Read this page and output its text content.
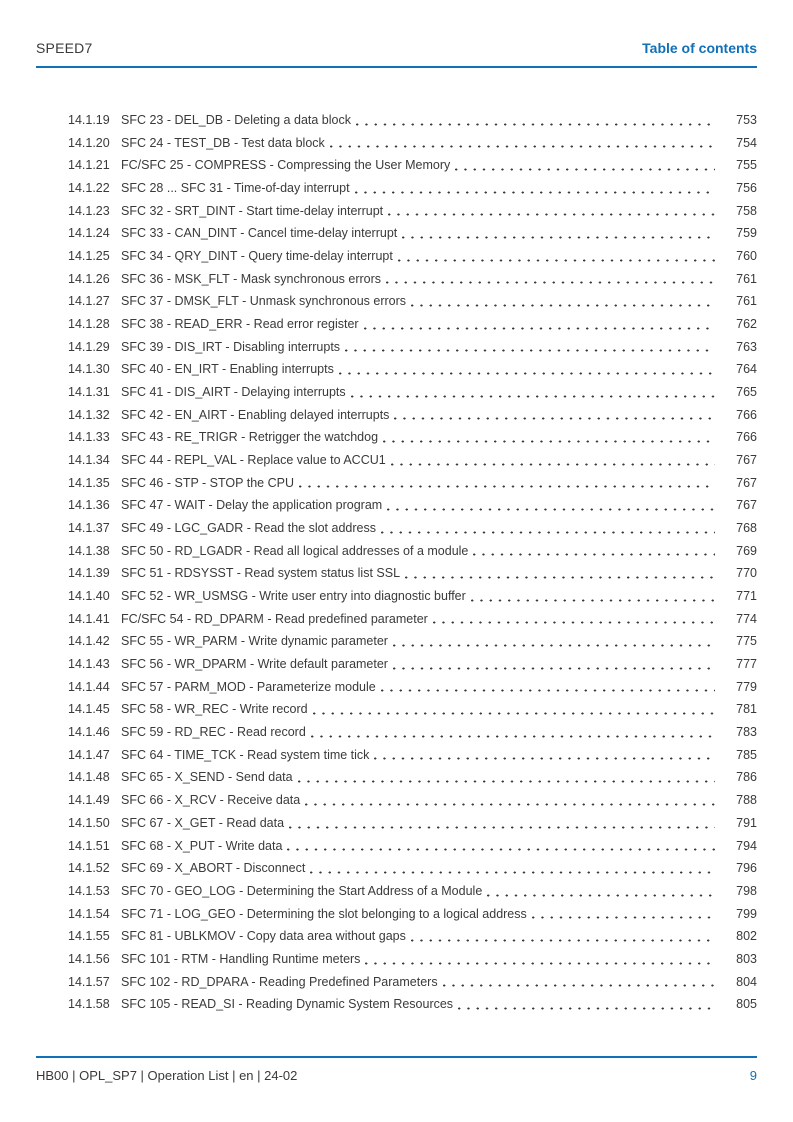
SPEED7	Table of contents
14.1.19 SFC 23 - DEL_DB - Deleting a data block	753
14.1.20 SFC 24 - TEST_DB - Test data block	754
14.1.21 FC/SFC 25 - COMPRESS - Compressing the User Memory	755
14.1.22 SFC 28 ... SFC 31 - Time-of-day interrupt	756
14.1.23 SFC 32 - SRT_DINT - Start time-delay interrupt	758
14.1.24 SFC 33 - CAN_DINT - Cancel time-delay interrupt	759
14.1.25 SFC 34 - QRY_DINT - Query time-delay interrupt	760
14.1.26 SFC 36 - MSK_FLT - Mask synchronous errors	761
14.1.27 SFC 37 - DMSK_FLT - Unmask synchronous errors	761
14.1.28 SFC 38 - READ_ERR - Read error register	762
14.1.29 SFC 39 - DIS_IRT - Disabling interrupts	763
14.1.30 SFC 40 - EN_IRT - Enabling interrupts	764
14.1.31 SFC 41 - DIS_AIRT - Delaying interrupts	765
14.1.32 SFC 42 - EN_AIRT - Enabling delayed interrupts	766
14.1.33 SFC 43 - RE_TRIGR - Retrigger the watchdog	766
14.1.34 SFC 44 - REPL_VAL - Replace value to ACCU1	767
14.1.35 SFC 46 - STP - STOP the CPU	767
14.1.36 SFC 47 - WAIT - Delay the application program	767
14.1.37 SFC 49 - LGC_GADR - Read the slot address	768
14.1.38 SFC 50 - RD_LGADR - Read all logical addresses of a module	769
14.1.39 SFC 51 - RDSYSST - Read system status list SSL	770
14.1.40 SFC 52 - WR_USMSG - Write user entry into diagnostic buffer	771
14.1.41 FC/SFC 54 - RD_DPARM - Read predefined parameter	774
14.1.42 SFC 55 - WR_PARM - Write dynamic parameter	775
14.1.43 SFC 56 - WR_DPARM - Write default parameter	777
14.1.44 SFC 57 - PARM_MOD - Parameterize module	779
14.1.45 SFC 58 - WR_REC - Write record	781
14.1.46 SFC 59 - RD_REC - Read record	783
14.1.47 SFC 64 - TIME_TCK - Read system time tick	785
14.1.48 SFC 65 - X_SEND - Send data	786
14.1.49 SFC 66 - X_RCV - Receive data	788
14.1.50 SFC 67 - X_GET - Read data	791
14.1.51 SFC 68 - X_PUT - Write data	794
14.1.52 SFC 69 - X_ABORT - Disconnect	796
14.1.53 SFC 70 - GEO_LOG - Determining the Start Address of a Module	798
14.1.54 SFC 71 - LOG_GEO - Determining the slot belonging to a logical address	799
14.1.55 SFC 81 - UBLKMOV - Copy data area without gaps	802
14.1.56 SFC 101 - RTM - Handling Runtime meters	803
14.1.57 SFC 102 - RD_DPARA - Reading Predefined Parameters	804
14.1.58 SFC 105 - READ_SI - Reading Dynamic System Resources	805
HB00 | OPL_SP7 | Operation List | en | 24-02	9
